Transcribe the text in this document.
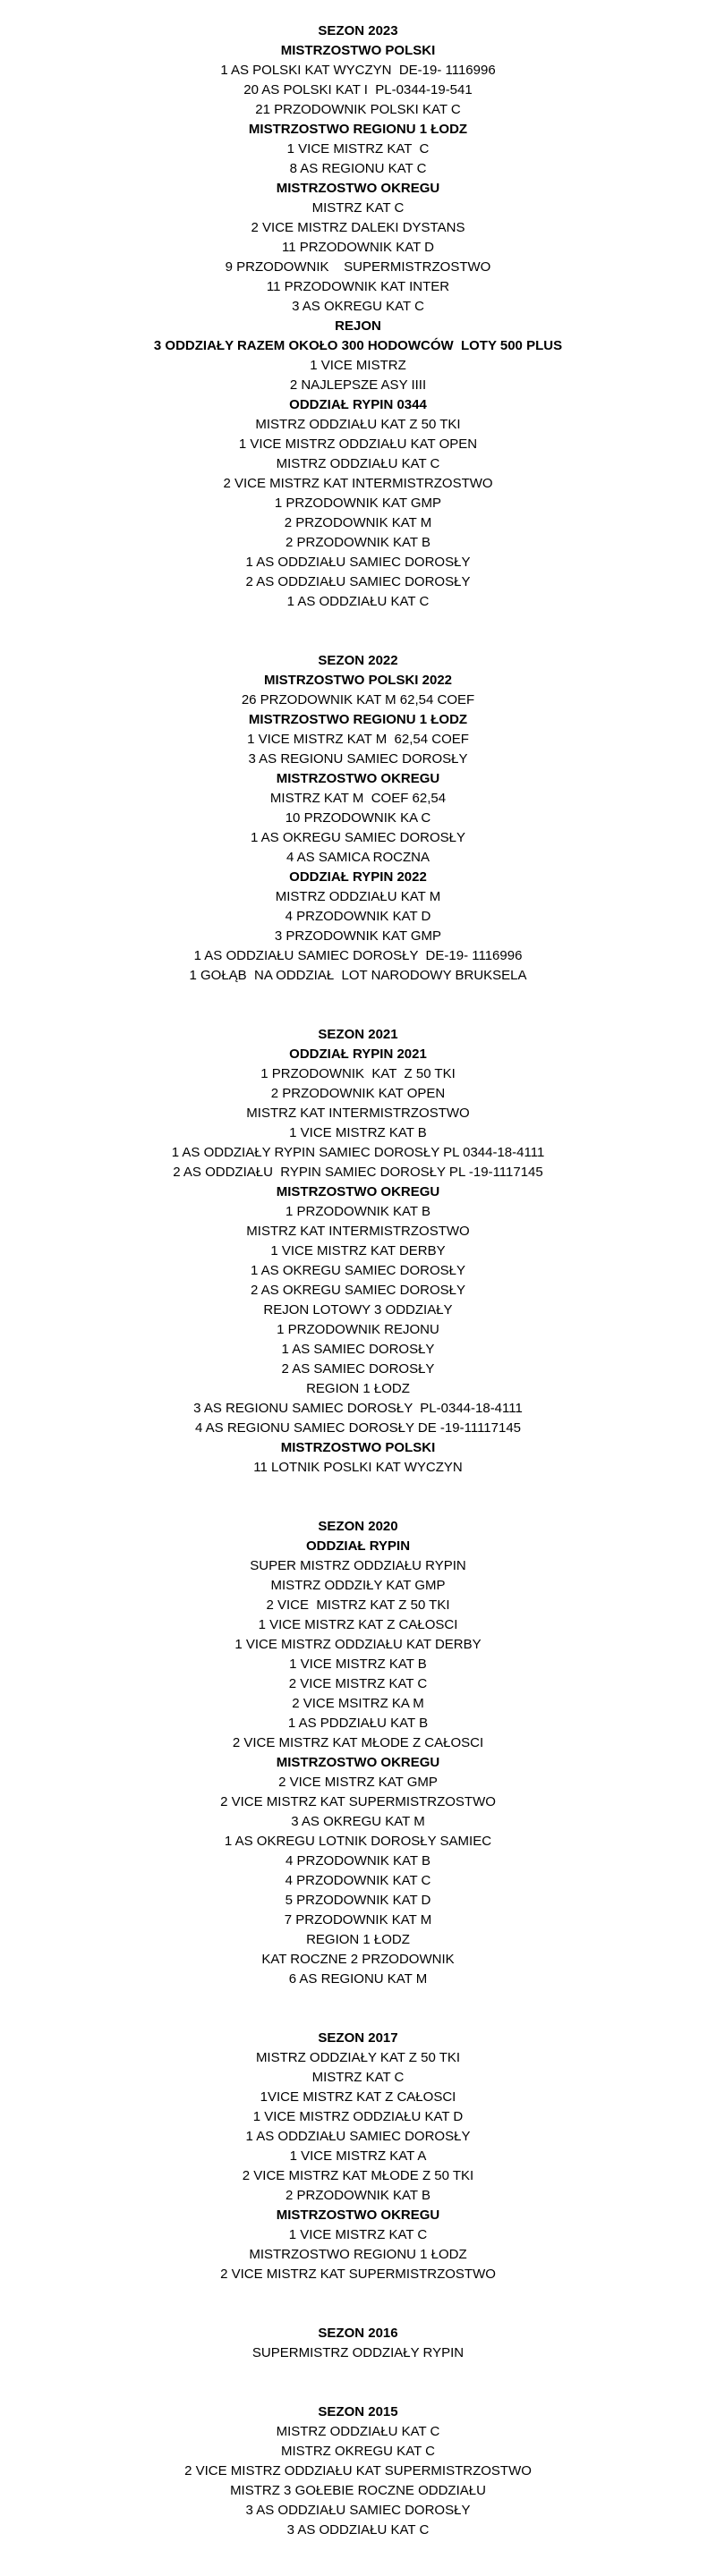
SEZON 2023
MISTRZOSTWO POLSKI
1 AS POLSKI KAT WYCZYN  DE-19- 1116996
20 AS POLSKI KAT I  PL-0344-19-541
21 PRZODOWNIK POLSKI KAT C
MISTRZOSTWO REGIONU 1 ŁODZ
1 VICE MISTRZ KAT  C
8 AS REGIONU KAT C
MISTRZOSTWO OKREGU
MISTRZ KAT C
2 VICE MISTRZ DALEKI DYSTANS
11 PRZODOWNIK KAT D
9 PRZODOWNIK    SUPERMISTRZOSTWO
11 PRZODOWNIK KAT INTER
3 AS OKREGU KAT C
REJON
3 ODDZIAŁY RAZEM OKOŁO 300 HODOWCÓW  LOTY 500 PLUS
1 VICE MISTRZ
2 NAJLEPSZE ASY IIII
ODDZIAŁ RYPIN 0344
MISTRZ ODDZIAŁU KAT Z 50 TKI
1 VICE MISTRZ ODDZIAŁU KAT OPEN
MISTRZ ODDZIAŁU KAT C
2 VICE MISTRZ KAT INTERMISTRZOSTWO
1 PRZODOWNIK KAT GMP
2 PRZODOWNIK KAT M
2 PRZODOWNIK KAT B
1 AS ODDZIAŁU SAMIEC DOROSŁY
2 AS ODDZIAŁU SAMIEC DOROSŁY
1 AS ODDZIAŁU KAT C
SEZON 2022
MISTRZOSTWO POLSKI 2022
26 PRZODOWNIK KAT M 62,54 COEF
MISTRZOSTWO REGIONU 1 ŁODZ
1 VICE MISTRZ KAT M  62,54 COEF
3 AS REGIONU SAMIEC DOROSŁY
MISTRZOSTWO OKREGU
MISTRZ KAT M  COEF 62,54
10 PRZODOWNIK KA C
1 AS OKREGU SAMIEC DOROSŁY
4 AS SAMICA ROCZNA
ODDZIAŁ RYPIN 2022
MISTRZ ODDZIAŁU KAT M
4 PRZODOWNIK KAT D
3 PRZODOWNIK KAT GMP
1 AS ODDZIAŁU SAMIEC DOROSŁY  DE-19- 1116996
1 GOŁĄB  NA ODDZIAŁ  LOT NARODOWY BRUKSELA
SEZON 2021
ODDZIAŁ RYPIN 2021
1 PRZODOWNIK  KAT  Z 50 TKI
2 PRZODOWNIK KAT OPEN
MISTRZ KAT INTERMISTRZOSTWO
1 VICE MISTRZ KAT B
1 AS ODDZIAŁY RYPIN SAMIEC DOROSŁY PL 0344-18-4111
2 AS ODDZIAŁU  RYPIN SAMIEC DOROSŁY PL -19-1117145
MISTRZOSTWO OKREGU
1 PRZODOWNIK KAT B
MISTRZ KAT INTERMISTRZOSTWO
1 VICE MISTRZ KAT DERBY
1 AS OKREGU SAMIEC DOROSŁY
2 AS OKREGU SAMIEC DOROSŁY
REJON LOTOWY 3 ODDZIAŁY
1 PRZODOWNIK REJONU
1 AS SAMIEC DOROSŁY
2 AS SAMIEC DOROSŁY
REGION 1 ŁODZ
3 AS REGIONU SAMIEC DOROSŁY  PL-0344-18-4111
4 AS REGIONU SAMIEC DOROSŁY DE -19-11117145
MISTRZOSTWO POLSKI
11 LOTNIK POSLKI KAT WYCZYN
SEZON 2020
ODDZIAŁ RYPIN
SUPER MISTRZ ODDZIAŁU RYPIN
MISTRZ ODDZIŁY KAT GMP
2 VICE  MISTRZ KAT Z 50 TKI
1 VICE MISTRZ KAT Z CAŁOSCI
1 VICE MISTRZ ODDZIAŁU KAT DERBY
1 VICE MISTRZ KAT B
2 VICE MISTRZ KAT C
2 VICE MSITRZ KA M
1 AS PDDZIAŁU KAT B
2 VICE MISTRZ KAT MŁODE Z CAŁOSCI
MISTRZOSTWO OKREGU
2 VICE MISTRZ KAT GMP
2 VICE MISTRZ KAT SUPERMISTRZOSTWO
3 AS OKREGU KAT M
1 AS OKREGU LOTNIK DOROSŁY SAMIEC
4 PRZODOWNIK KAT B
4 PRZODOWNIK KAT C
5 PRZODOWNIK KAT D
7 PRZODOWNIK KAT M
REGION 1 ŁODZ
KAT ROCZNE 2 PRZODOWNIK
6 AS REGIONU KAT M
SEZON 2017
MISTRZ ODDZIAŁY KAT Z 50 TKI
MISTRZ KAT C
1VICE MISTRZ KAT Z CAŁOSCI
1 VICE MISTRZ ODDZIAŁU KAT D
1 AS ODDZIAŁU SAMIEC DOROSŁY
1 VICE MISTRZ KAT A
2 VICE MISTRZ KAT MŁODE Z 50 TKI
2 PRZODOWNIK KAT B
MISTRZOSTWO OKREGU
1 VICE MISTRZ KAT C
MISTRZOSTWO REGIONU 1 ŁODZ
2 VICE MISTRZ KAT SUPERMISTRZOSTWO
SEZON 2016
SUPERMISTRZ ODDZIAŁY RYPIN
SEZON 2015
MISTRZ ODDZIAŁU KAT C
MISTRZ OKREGU KAT C
2 VICE MISTRZ ODDZIAŁU KAT SUPERMISTRZOSTWO
MISTRZ 3 GOŁEBIE ROCZNE ODDZIAŁU
3 AS ODDZIAŁU SAMIEC DOROSŁY
3 AS ODDZIAŁU KAT C
